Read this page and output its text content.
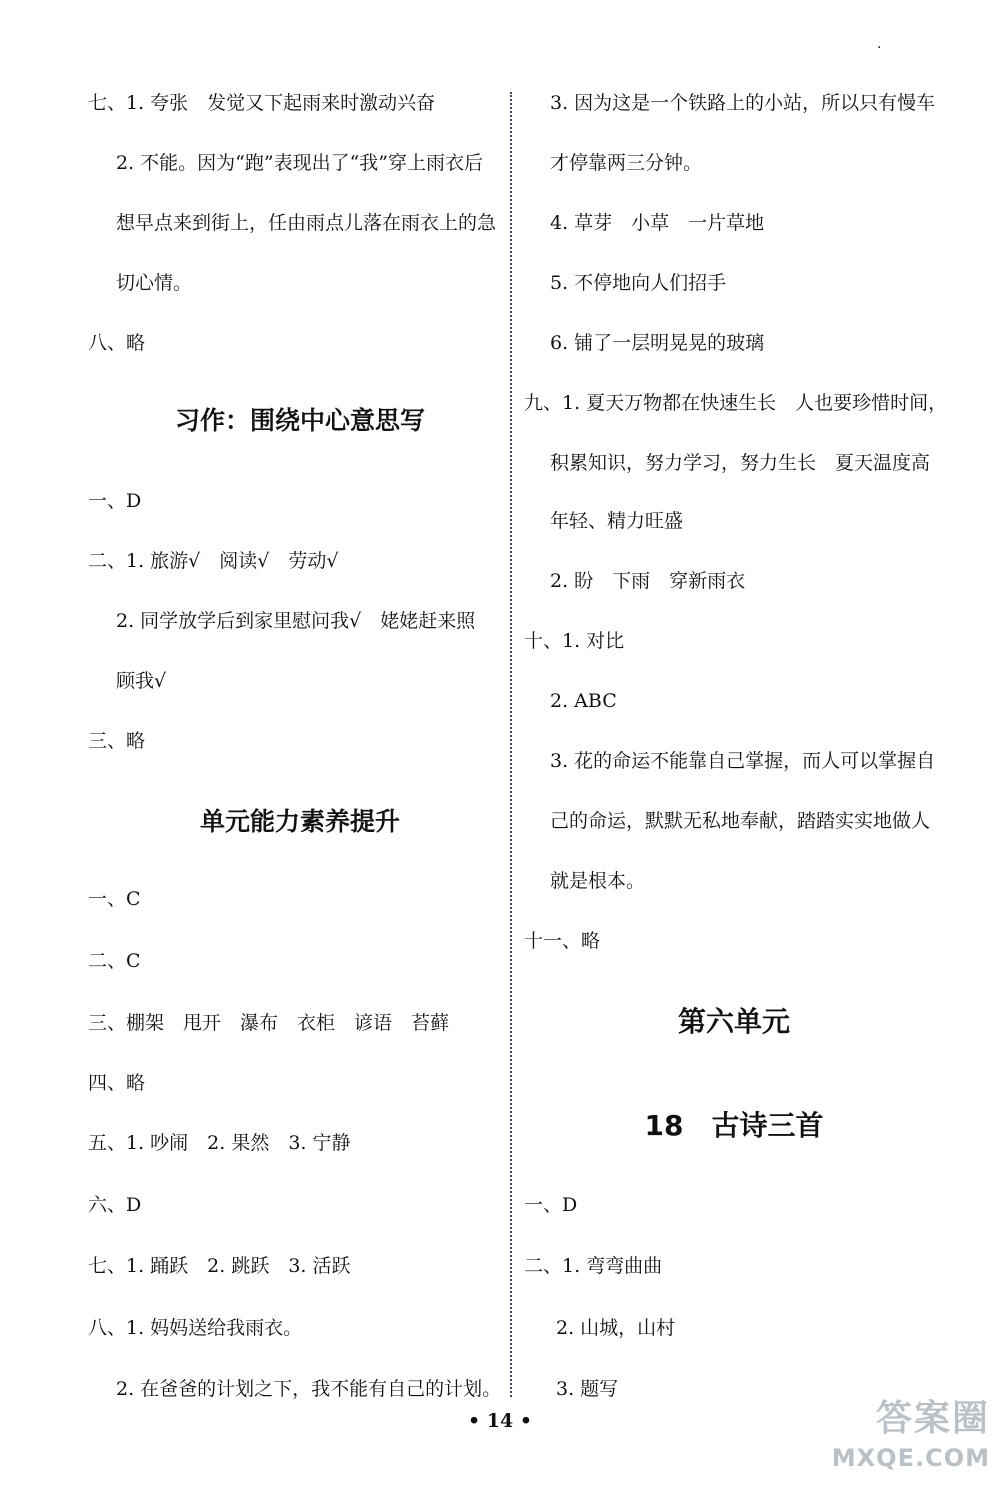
七、1. 夸张　发觉又下起雨来时激动兴奋
2. 不能。因为“跑”表现出了“我”穿上雨衣后
想早点来到街上，任由雨点儿落在雨衣上的急
切心情。
八、略
习作：围绕中心意思写
一、D
二、1. 旅游√　阅读√　劳动√
2. 同学放学后到家里慰问我√　姥姥赶来照
顾我√
三、略
单元能力素养提升
一、C
二、C
三、棚架　甩开　瀑布　衣柜　谚语　苔藓
四、略
五、1. 吵闹　2. 果然　3. 宁静
六、D
七、1. 踊跃　2. 跳跃　3. 活跃
八、1. 妈妈送给我雨衣。
2. 在爸爸的计划之下，我不能有自己的计划。
3. 因为这是一个铁路上的小站，所以只有慢车
才停靠两三分钟。
4. 草芽　小草　一片草地
5. 不停地向人们招手
6. 铺了一层明晃晃的玻璃
九、1. 夏天万物都在快速生长　人也要珍惜时间，
积累知识，努力学习，努力生长　夏天温度高
年轻、精力旺盛
2. 盼　下雨　穿新雨衣
十、1. 对比
2. ABC
3. 花的命运不能靠自己掌握，而人可以掌握自
己的命运，默默无私地奉献，踏踏实实地做人
就是根本。
十一、略
第六单元
18　古诗三首
一、D
二、1. 弯弯曲曲
2. 山城，山村
3. 题写
·
• 14 •	答案圈
MXQE.COM
